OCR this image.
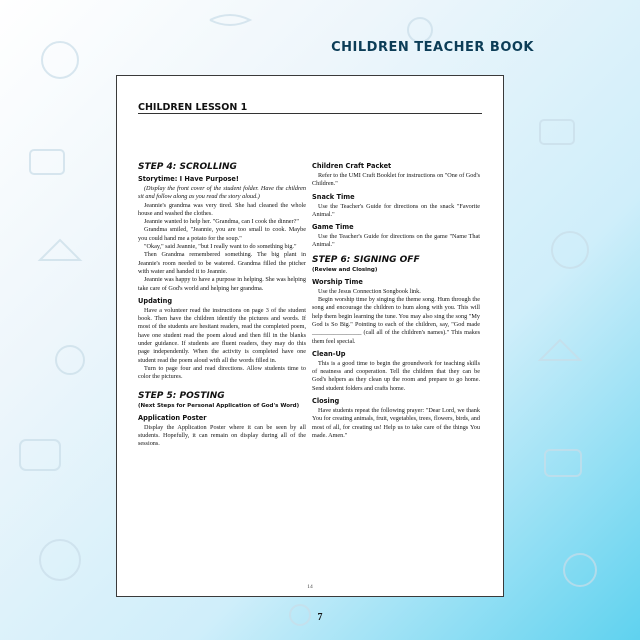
CHILDREN TEACHER BOOK
CHILDREN LESSON 1
STEP 4: SCROLLING
Storytime: I Have Purpose!

(Display the front cover of the student folder. Have the children sit and follow along as you read the story aloud.)

Jeannie's grandma was very tired. She had cleaned the whole house and washed the clothes.

Jeannie wanted to help her. "Grandma, can I cook the dinner?"

Grandma smiled, "Jeannie, you are too small to cook. Maybe you could hand me a potato for the soup."

"Okay," said Jeannie, "but I really want to do something big."

Then Grandma remembered something. The big plant in Jeannie's room needed to be watered. Grandma filled the pitcher with water and handed it to Jeannie.

Jeannie was happy to have a purpose in helping. She was helping take care of God's world and helping her grandma.

Updating

Have a volunteer read the instructions on page 3 of the student book. Then have the children identify the pictures and words. If most of the students are hesitant readers, read the completed poem, have one student read the poem aloud and then fill in the blanks under guidance. If students are fluent readers, they may do this page independently. When the activity is completed have one student read the poem aloud with all the words filled in.

Turn to page four and read directions. Allow students time to color the pictures.

STEP 5: POSTING
(Next Steps for Personal Application of God's Word)
Application Poster

Display the Application Poster where it can be seen by all students. Hopefully, it can remain on display during all of the sessions.

Children Craft Packet

Refer to the UMI Craft Booklet for instructions on "One of God's Children."

Snack Time

Use the Teacher's Guide for directions on the snack "Favorite Animal."

Game Time

Use the Teacher's Guide for directions on the game "Name That Animal."

STEP 6: SIGNING OFF
(Review and Closing)
Worship Time

Use the Jesus Connection Songbook link.

Begin worship time by singing the theme song. Hum through the song and encourage the children to hum along with you. This will help them begin learning the tune. You may also sing the song "My God is So Big." Pointing to each of the children, say, "God made ________________ (call all of the children's names)." This makes them feel special.

Clean-Up

This is a good time to begin the groundwork for teaching skills of neatness and cooperation. Tell the children that they can be God's helpers as they clean up the room and prepare to go home. Send student folders and crafts home.

Closing

Have students repeat the following prayer: "Dear Lord, we thank You for creating animals, fruit, vegetables, trees, flowers, birds, and most of all, for creating us! Help us to take care of the things You made. Amen."

14
7
